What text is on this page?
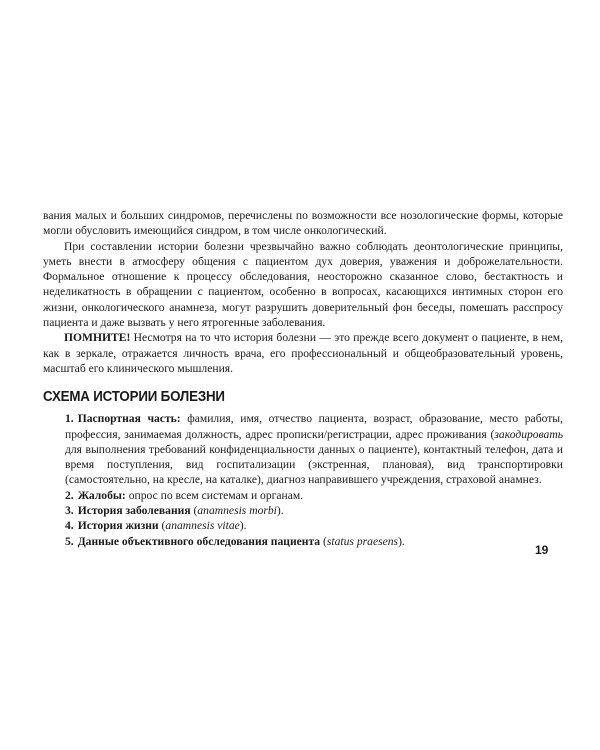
вания малых и больших синдромов, перечислены по возможности все нозологические формы, которые могли обусловить имеющийся синдром, в том числе онкологический.

При составлении истории болезни чрезвычайно важно соблюдать деонтологические принципы, уметь внести в атмосферу общения с пациентом дух доверия, уважения и доброжелательности. Формальное отношение к процессу обследования, неосторожно сказанное слово, бестактность и неделикатность в обращении с пациентом, особенно в вопросах, касающихся интимных сторон его жизни, онкологического анамнеза, могут разрушить доверительный фон беседы, помешать расспросу пациента и даже вызвать у него ятрогенные заболевания.

ПОМНИТЕ! Несмотря на то что история болезни — это прежде всего документ о пациенте, в нем, как в зеркале, отражается личность врача, его профессиональный и общеобразовательный уровень, масштаб его клинического мышления.

СХЕМА ИСТОРИИ БОЛЕЗНИ
1. Паспортная часть: фамилия, имя, отчество пациента, возраст, образование, место работы, профессия, занимаемая должность, адрес прописки/регистрации, адрес проживания (закодировать для выполнения требований конфиденциальности данных о пациенте), контактный телефон, дата и время поступления, вид госпитализации (экстренная, плановая), вид транспортировки (самостоятельно, на кресле, на каталке), диагноз направившего учреждения, страховой анамнез.
2. Жалобы: опрос по всем системам и органам.
3. История заболевания (anamnesis morbi).
4. История жизни (anamnesis vitae).
5. Данные объективного обследования пациента (status praesens).
19
